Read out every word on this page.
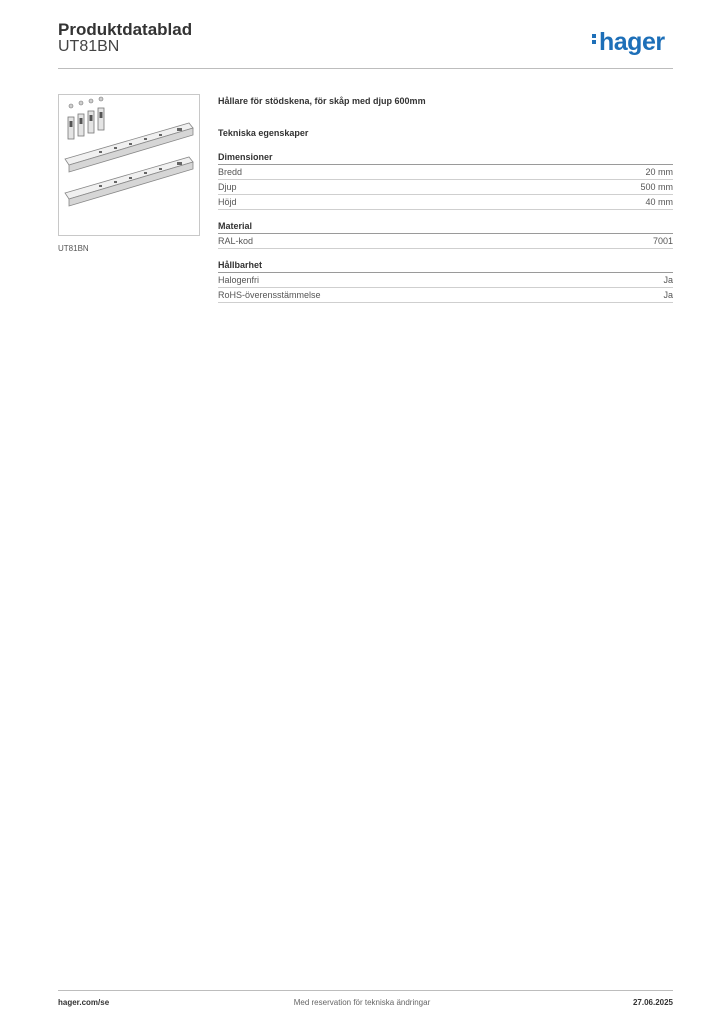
Produktdatablad
UT81BN	hager
UT81BN
Hållare för stödskena, för skåp med djup 600mm
Tekniska egenskaper
Dimensioner
Bredd	20 mm
Djup	500 mm
Höjd	40 mm
Material
RAL-kod	7001
Hållbarhet
Halogenfri	Ja
RoHS-överensstämmelse	Ja
hager.com/se	Med reservation för tekniska ändringar	27.06.2025
